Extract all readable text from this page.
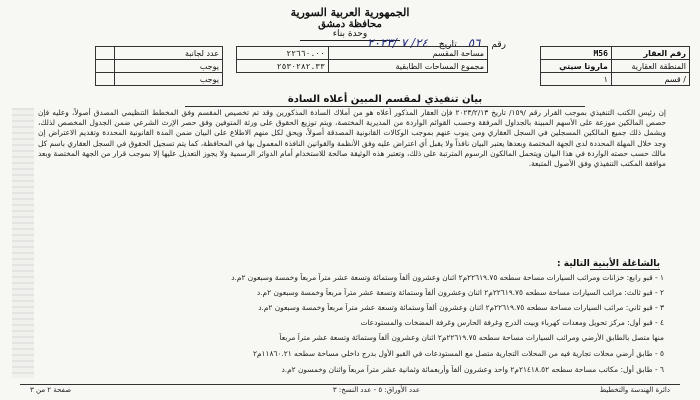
الجمهورية العربية السورية
محافظة دمشق
وحدة بناء
رقم ٥٦ تاريخ ٢٤/ ٧ /٢٠٢٣
رقم العقار	M56
المنطقة العقارية	ماروتا سيتي
/ قسم	١
مساحة المقسم	٢٢٦٦٠.٠٠
مجموع المساحات الطابقية	٢٥٣٠٢٨٢.٣٣
عدد لجانبة	
يوجب	
يوجب	
بيان تنفيذي لمقسم المبين أعلاه السادة
إن رئيس الكتب التنفيذي بموجب القرار رقم /١٥٩/ تاريخ ٢٠٢٣/٢/١٣ فإن العقار المذكور أعلاه هو من أملاك السادة المذكورين وقد تم تخصيص المقسم وفق المخطط التنظيمي المصدق أصولاً، وعليه فإن حصص المالكين موزعة على الأسهم المبينة بالجداول المرفقة وحسب القوائم الواردة من المديرية المختصة، ويتم توزيع الحقوق على ورثة المتوفين وفق حصر الإرث الشرعي ضمن الجدول المخصص لذلك، ويشمل ذلك جميع المالكين المسجلين في السجل العقاري ومن ينوب عنهم بموجب الوكالات القانونية المصدقة أصولاً، ويحق لكل منهم الاطلاع على البيان ضمن المدة القانونية المحددة وتقديم الاعتراض إن وجد خلال المهلة المحددة لدى الجهة المختصة وبعدها يعتبر البيان نافذاً ولا يقبل أي اعتراض عليه وفق الأنظمة والقوانين النافذة المعمول بها في المحافظة، كما يتم تسجيل الحقوق في السجل العقاري باسم كل مالك حسب حصته الواردة في هذا البيان ويتحمل المالكون الرسوم المترتبة على ذلك، وتعتبر هذه الوثيقة صالحة للاستخدام أمام الدوائر الرسمية ولا يجوز التعديل عليها إلا بموجب قرار من الجهة المختصة وبعد موافقة المكتب التنفيذي وفق الأصول المتبعة.
بالشاغلة الأبنية التالية :
١ - قبو رابع: خزانات ومرائب السيارات مساحة سطحه ٢٢٦١٩.٧٥م٢ اثنان وعشرون ألفاً وستمائة وتسعة عشر متراً مربعاً وخمسة وسبعون ٢م.د
٢ - قبو ثالث: مرائب السيارات مساحة سطحه ٢٢٦١٩.٧٥م٢ اثنان وعشرون ألفاً وستمائة وتسعة عشر متراً مربعاً وخمسة وسبعون ٢م.د
٣ - قبو ثاني: مرائب السيارات مساحة سطحه ٢٢٦١٩.٧٥م٢ اثنان وعشرون ألفاً وستمائة وتسعة عشر متراً مربعاً وخمسة وسبعون ٢م.د
٤ - قبو أول: مركز تحويل ومعدات كهرباء وبيت الدرج وغرفة الحارس وغرفة المضخات والمستودعات
منها متصل بالطابق الأرضي ومرائب السيارات مساحة سطحه ٢٢٦١٩.٧٥م٢ اثنان وعشرون ألفاً وستمائة وتسعة عشر متراً مربعاً
٥ - طابق أرضي محلات تجارية فيه من المحلات التجارية متصل مع المستودعات في القبو الأول بدرج داخلي مساحة سطحه ١١٨٦٠.٢١م٢
٦ - طابق أول: مكاتب مساحة سطحه ٢١٤١٨.٥٢م٢ واحد وعشرون ألفاً وأربعمائة وثمانية عشر متراً مربعاً واثنان وخمسون ٢م.د
دائرة الهندسة والتخطيط
عدد الأوراق: ٥ - عدد النسخ: ٣
صفحة ٢ من ٣
